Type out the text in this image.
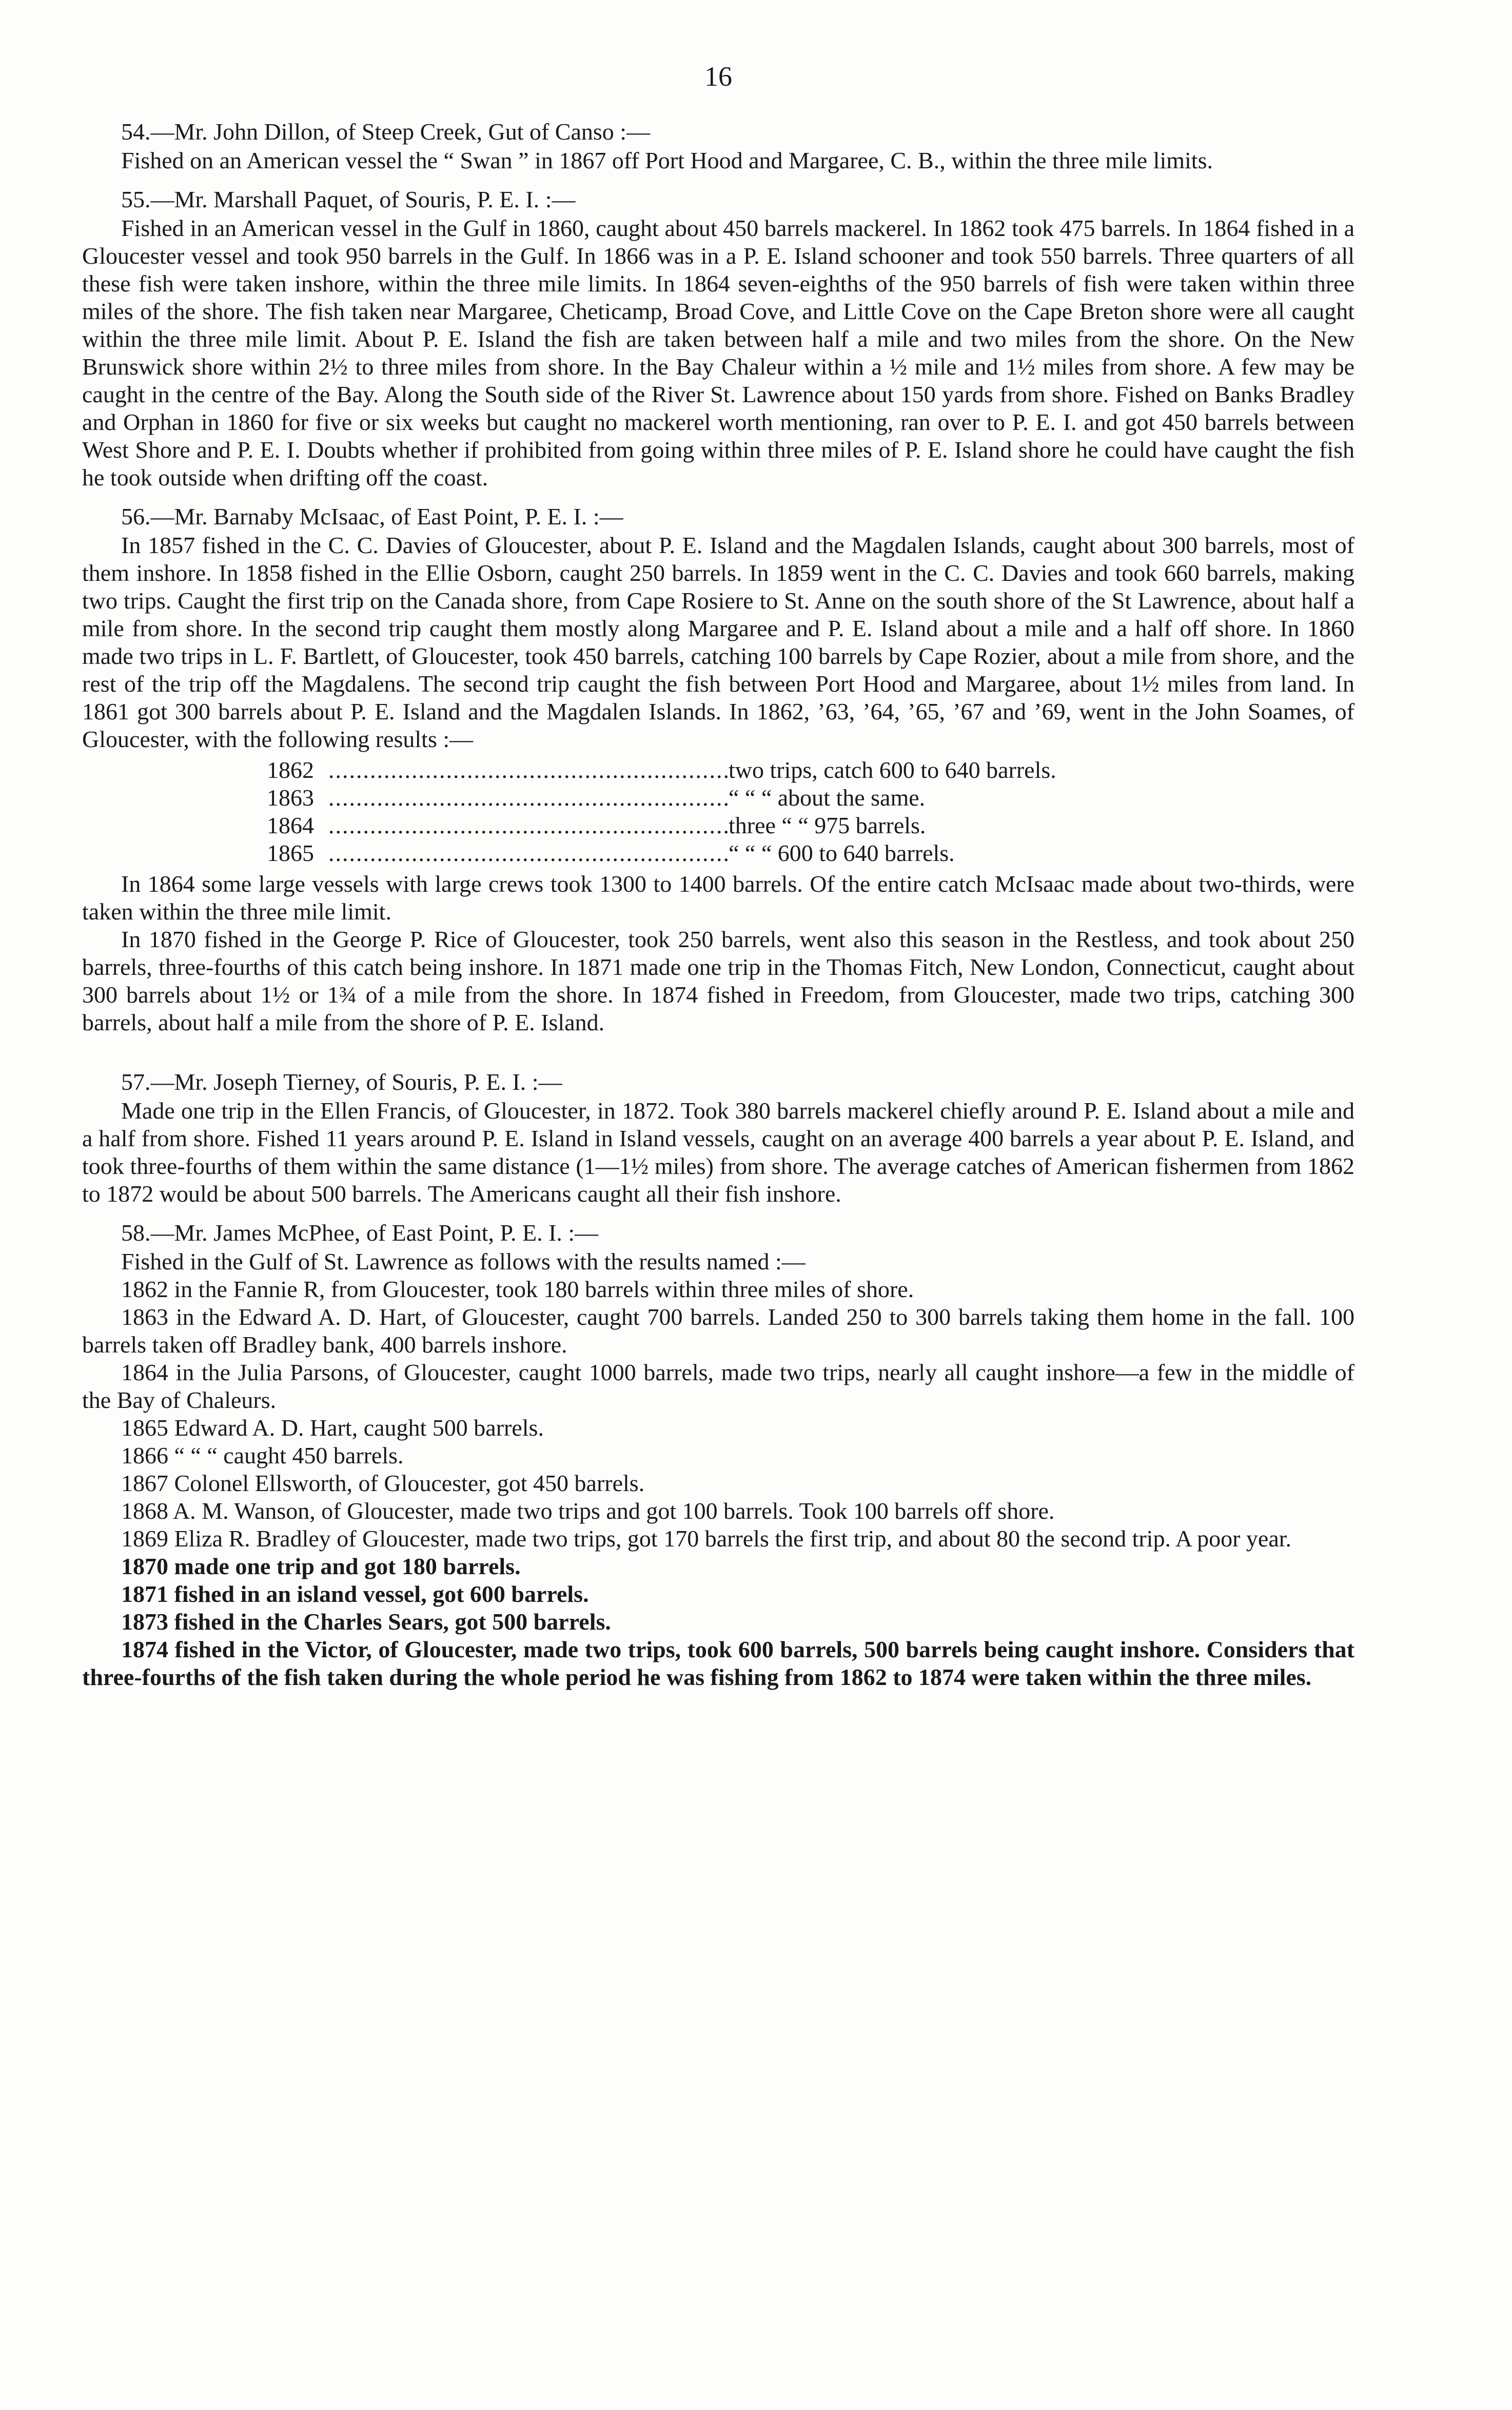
16

54.—Mr. John Dillon, of Steep Creek, Gut of Canso :—

Fished on an American vessel the “ Swan ” in 1867 off Port Hood and Margaree, C. B., within the three mile limits.

55.—Mr. Marshall Paquet, of Souris, P. E. I. :—

Fished in an American vessel in the Gulf in 1860, caught about 450 barrels mackerel. In 1862 took 475 barrels. In 1864 fished in a Gloucester vessel and took 950 barrels in the Gulf. In 1866 was in a P. E. Island schooner and took 550 barrels. Three quarters of all these fish were taken inshore, within the three mile limits. In 1864 seven-eighths of the 950 barrels of fish were taken within three miles of the shore. The fish taken near Margaree, Cheticamp, Broad Cove, and Little Cove on the Cape Breton shore were all caught within the three mile limit. About P. E. Island the fish are taken between half a mile and two miles from the shore. On the New Brunswick shore within 2½ to three miles from shore. In the Bay Chaleur within a ½ mile and 1½ miles from shore. A few may be caught in the centre of the Bay. Along the South side of the River St. Lawrence about 150 yards from shore. Fished on Banks Bradley and Orphan in 1860 for five or six weeks but caught no mackerel worth mentioning, ran over to P. E. I. and got 450 barrels between West Shore and P. E. I. Doubts whether if prohibited from going within three miles of P. E. Island shore he could have caught the fish he took outside when drifting off the coast.

56.—Mr. Barnaby McIsaac, of East Point, P. E. I. :—

In 1857 fished in the C. C. Davies of Gloucester, about P. E. Island and the Magdalen Islands, caught about 300 barrels, most of them inshore. In 1858 fished in the Ellie Osborn, caught 250 barrels. In 1859 went in the C. C. Davies and took 660 barrels, making two trips. Caught the first trip on the Canada shore, from Cape Rosiere to St. Anne on the south shore of the St Lawrence, about half a mile from shore. In the second trip caught them mostly along Margaree and P. E. Island about a mile and a half off shore. In 1860 made two trips in L. F. Bartlett, of Gloucester, took 450 barrels, catching 100 barrels by Cape Rozier, about a mile from shore, and the rest of the trip off the Magdalens. The second trip caught the fish between Port Hood and Margaree, about 1½ miles from land. In 1861 got 300 barrels about P. E. Island and the Magdalen Islands. In 1862, ’63, ’64, ’65, ’67 and ’69, went in the John Soames, of Gloucester, with the following results :—

1862 .....	two trips, catch 600 to 640 barrels.
1863 .....	“ “ “ about the same.
1864 .....	three “ “ 975 barrels.
1865 .....	“ “ “ 600 to 640 barrels.

In 1864 some large vessels with large crews took 1300 to 1400 barrels. Of the entire catch McIsaac made about two-thirds, were taken within the three mile limit.

In 1870 fished in the George P. Rice of Gloucester, took 250 barrels, went also this season in the Restless, and took about 250 barrels, three-fourths of this catch being inshore. In 1871 made one trip in the Thomas Fitch, New London, Connecticut, caught about 300 barrels about 1½ or 1¾ of a mile from the shore. In 1874 fished in Freedom, from Gloucester, made two trips, catching 300 barrels, about half a mile from the shore of P. E. Island.

57.—Mr. Joseph Tierney, of Souris, P. E. I. :—

Made one trip in the Ellen Francis, of Gloucester, in 1872. Took 380 barrels mackerel chiefly around P. E. Island about a mile and a half from shore. Fished 11 years around P. E. Island in Island vessels, caught on an average 400 barrels a year about P. E. Island, and took three-fourths of them within the same distance (1—1½ miles) from shore. The average catches of American fishermen from 1862 to 1872 would be about 500 barrels. The Americans caught all their fish inshore.

58.—Mr. James McPhee, of East Point, P. E. I. :—

Fished in the Gulf of St. Lawrence as follows with the results named :—

1862 in the Fannie R, from Gloucester, took 180 barrels within three miles of shore.

1863 in the Edward A. D. Hart, of Gloucester, caught 700 barrels. Landed 250 to 300 barrels taking them home in the fall. 100 barrels taken off Bradley bank, 400 barrels inshore.

1864 in the Julia Parsons, of Gloucester, caught 1000 barrels, made two trips, nearly all caught inshore—a few in the middle of the Bay of Chaleurs.

1865 Edward A. D. Hart, caught 500 barrels.

1866 “ “ “ caught 450 barrels.

1867 Colonel Ellsworth, of Gloucester, got 450 barrels.

1868 A. M. Wanson, of Gloucester, made two trips and got 100 barrels. Took 100 barrels off shore.

1869 Eliza R. Bradley of Gloucester, made two trips, got 170 barrels the first trip, and about 80 the second trip. A poor year.

1870 made one trip and got 180 barrels.

1871 fished in an island vessel, got 600 barrels.

1873 fished in the Charles Sears, got 500 barrels.

1874 fished in the Victor, of Gloucester, made two trips, took 600 barrels, 500 barrels being caught inshore. Considers that three-fourths of the fish taken during the whole period he was fishing from 1862 to 1874 were taken within the three miles.
